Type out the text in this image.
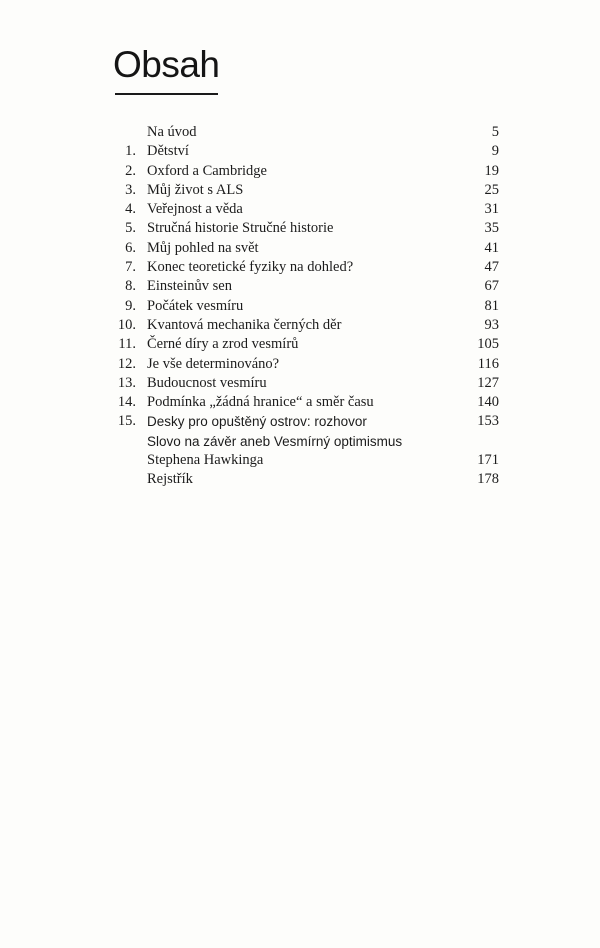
Obsah
Na úvod	5
1. Dětství	9
2. Oxford a Cambridge	19
3. Můj život s ALS	25
4. Veřejnost a věda	31
5. Stručná historie Stručné historie	35
6. Můj pohled na svět	41
7. Konec teoretické fyziky na dohled?	47
8. Einsteinův sen	67
9. Počátek vesmíru	81
10. Kvantová mechanika černých děr	93
11. Černé díry a zrod vesmírů	105
12. Je vše determinováno?	116
13. Budoucnost vesmíru	127
14. Podmínka „žádná hranice“ a směr času	140
15. Desky pro opuštěný ostrov: rozhovor	153
Slovo na závěr aneb Vesmírný optimismus
Stephena Hawkinga	171
Rejstřík	178
